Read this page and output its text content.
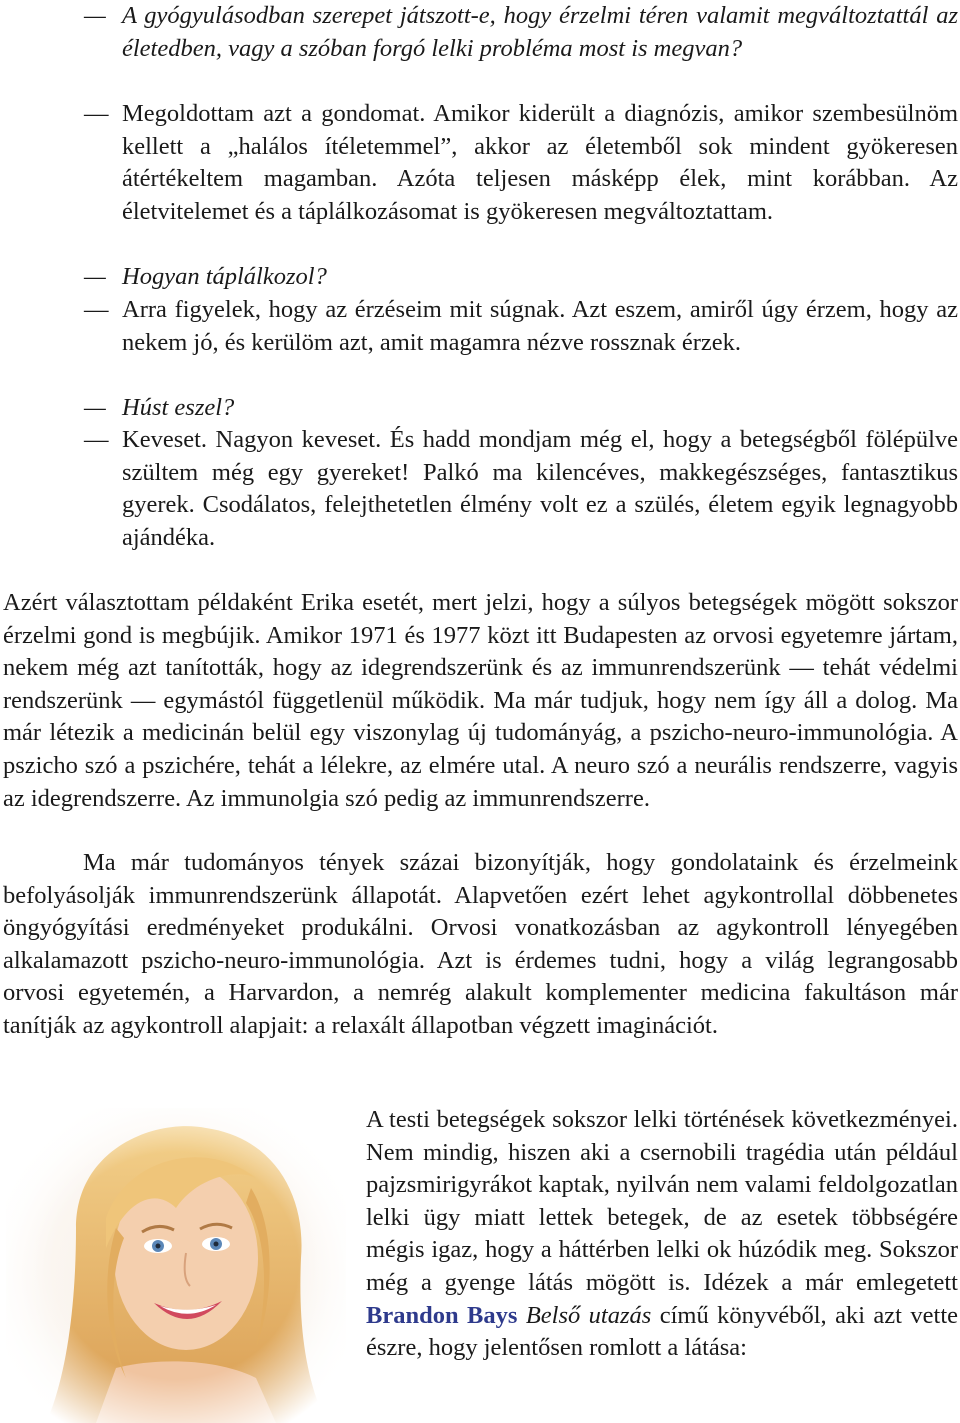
— A gyógyulásodban szerepet játszott-e, hogy érzelmi téren valamit megváltoztattál az életedben, vagy a szóban forgó lelki probléma most is megvan?
— Megoldottam azt a gondomat. Amikor kiderült a diagnózis, amikor szembesülnöm kellett a „halálos ítéletemmel”, akkor az életemből sok mindent gyökeresen átértékeltem magamban. Azóta teljesen másképp élek, mint korábban. Az életvitelemet és a táplálkozásomat is gyökeresen megváltoztattam.
— Hogyan táplálkozol?
— Arra figyelek, hogy az érzéseim mit súgnak. Azt eszem, amiről úgy érzem, hogy az nekem jó, és kerülöm azt, amit magamra nézve rossznak érzek.
— Húst eszel?
— Keveset. Nagyon keveset. És hadd mondjam még el, hogy a betegségből fölépülve szültem még egy gyereket! Palkó ma kilencéves, makkegészséges, fantasztikus gyerek. Csodálatos, felejthetetlen élmény volt ez a szülés, életem egyik legnagyobb ajándéka.
Azért választottam példaként Erika esetét, mert jelzi, hogy a súlyos betegségek mögött sokszor érzelmi gond is megbújik. Amikor 1971 és 1977 közt itt Budapesten az orvosi egyetemre jártam, nekem még azt tanították, hogy az idegrendszerünk és az immunrendszerünk — tehát védelmi rendszerünk — egymástól függetlenül működik. Ma már tudjuk, hogy nem így áll a dolog. Ma már létezik a medicinán belül egy viszonylag új tudományág, a pszicho-neuro-immunológia. A pszicho szó a pszichére, tehát a lélekre, az elmére utal. A neuro szó a neurális rendszerre, vagyis az idegrendszerre. Az immunolgia szó pedig az immunrendszerre.
Ma már tudományos tények százai bizonyítják, hogy gondolataink és érzelmeink befolyásolják immunrendszerünk állapotát. Alapvetően ezért lehet agykontrollal döbbenetes öngyógyítási eredményeket produkálni. Orvosi vonatkozásban az agykontroll lényegében alkalamazott pszicho-neuro-immunológia. Azt is érdemes tudni, hogy a világ legrangosabb orvosi egyetemén, a Harvardon, a nemrég alakult komplementer medicina fakultáson már tanítják az agykontroll alapjait: a relaxált állapotban végzett imaginációt.
A testi betegségek sokszor lelki történések következményei. Nem mindig, hiszen aki a csernobili tragédia után például pajzsmirigyrákot kaptak, nyilván nem valami feldolgozatlan lelki ügy miatt lettek betegek, de az esetek többségére mégis igaz, hogy a háttérben lelki ok húzódik meg. Sokszor még a gyenge látás mögött is. Idézek a már emlegetett Brandon Bays Belső utazás című könyvéből, aki azt vette észre, hogy jelentősen romlott a látása:
